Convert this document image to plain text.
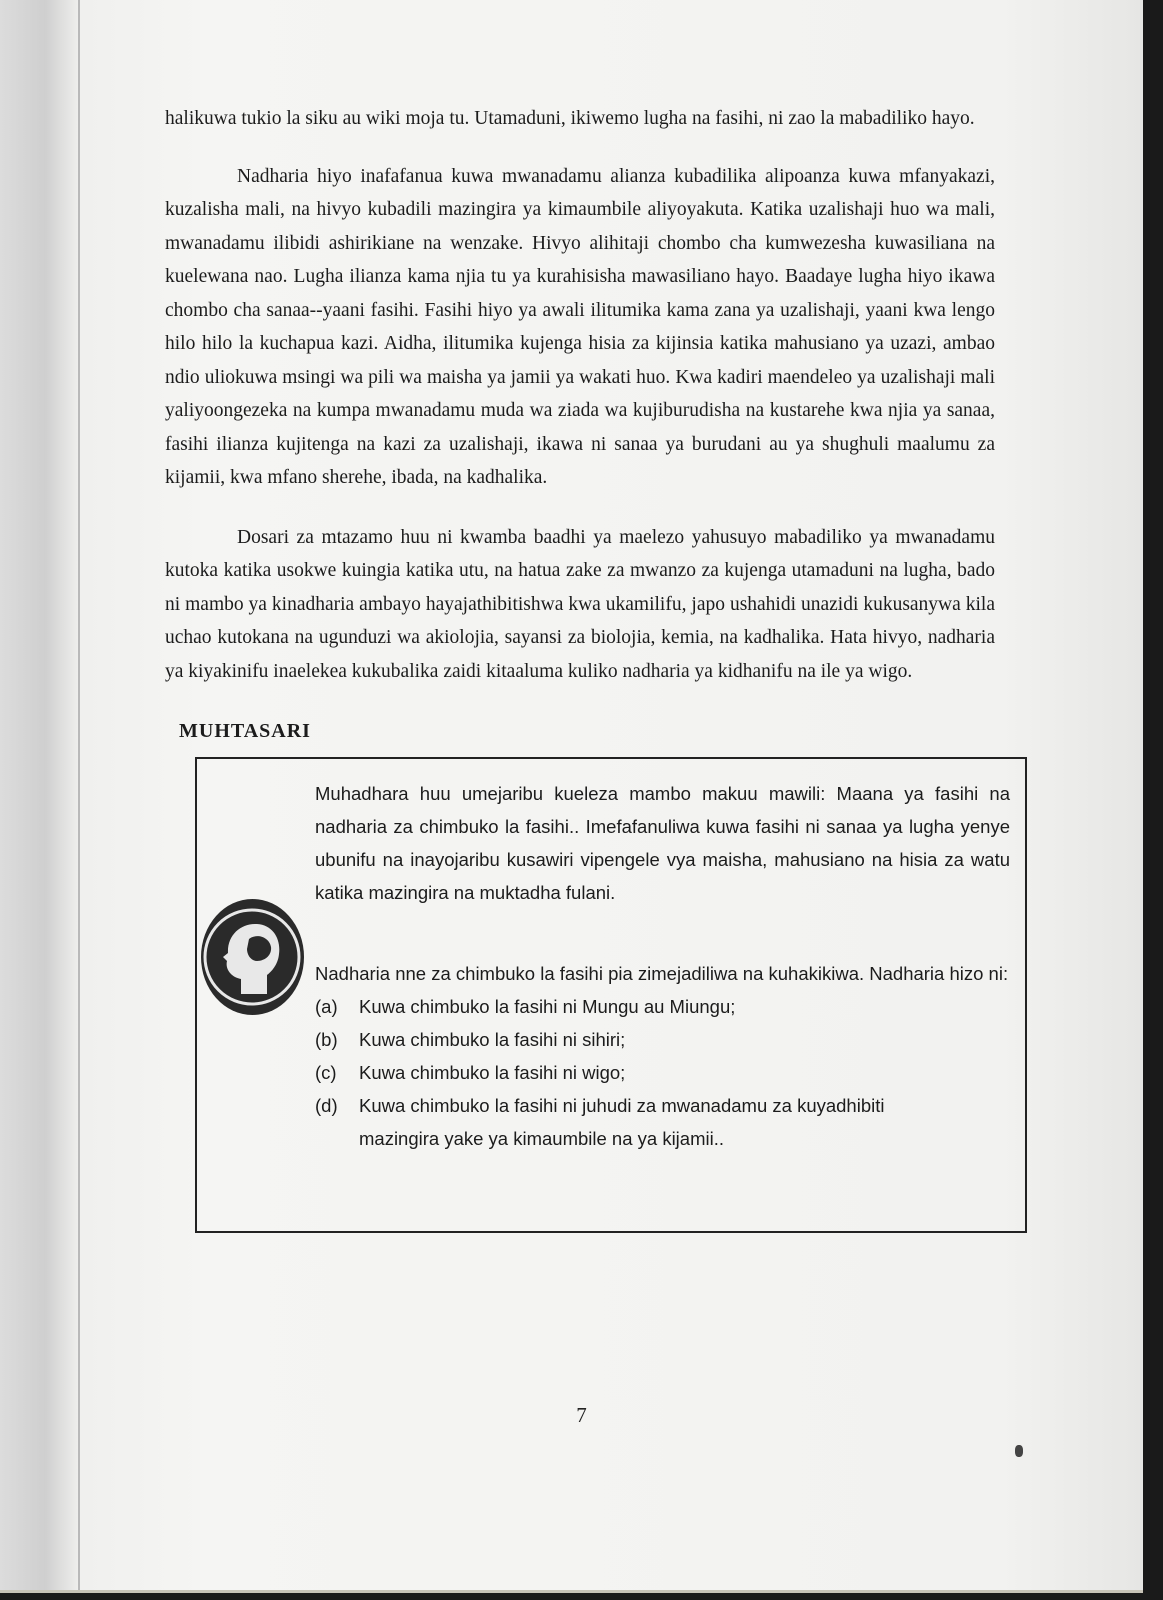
halikuwa tukio la siku au wiki moja tu. Utamaduni, ikiwemo lugha na fasihi, ni zao la mabadiliko hayo.

Nadharia hiyo inafafanua kuwa mwanadamu alianza kubadilika alipoanza kuwa mfanyakazi, kuzalisha mali, na hivyo kubadili mazingira ya kimaumbile aliyoyakuta. Katika uzalishaji huo wa mali, mwanadamu ilibidi ashirikiane na wenzake. Hivyo alihitaji chombo cha kumwezesha kuwasiliana na kuelewana nao. Lugha ilianza kama njia tu ya kurahisisha mawasiliano hayo. Baadaye lugha hiyo ikawa chombo cha sanaa--yaani fasihi. Fasihi hiyo ya awali ilitumika kama zana ya uzalishaji, yaani kwa lengo hilo hilo la kuchapua kazi. Aidha, ilitumika kujenga hisia za kijinsia katika mahusiano ya uzazi, ambao ndio uliokuwa msingi wa pili wa maisha ya jamii ya wakati huo. Kwa kadiri maendeleo ya uzalishaji mali yaliyoongezeka na kumpa mwanadamu muda wa ziada wa kujiburudisha na kustarehe kwa njia ya sanaa, fasihi ilianza kujitenga na kazi za uzalishaji, ikawa ni sanaa ya burudani au ya shughuli maalumu za kijamii, kwa mfano sherehe, ibada, na kadhalika.

Dosari za mtazamo huu ni kwamba baadhi ya maelezo yahusuyo mabadiliko ya mwanadamu kutoka katika usokwe kuingia katika utu, na hatua zake za mwanzo za kujenga utamaduni na lugha, bado ni mambo ya kinadharia ambayo hayajathibitishwa kwa ukamilifu, japo ushahidi unazidi kukusanywa kila uchao kutokana na ugunduzi wa akiolojia, sayansi za biolojia, kemia, na kadhalika. Hata hivyo, nadharia ya kiyakinifu inaelekea kukubalika zaidi kitaaluma kuliko nadharia ya kidhanifu na ile ya wigo.

MUHTASARI

Muhadhara huu umejaribu kueleza mambo makuu mawili: Maana ya fasihi na nadharia za chimbuko la fasihi.. Imefafanuliwa kuwa fasihi ni sanaa ya lugha yenye ubunifu na inayojaribu kusawiri vipengele vya maisha, mahusiano na hisia za watu katika mazingira na muktadha fulani.

Nadharia nne za chimbuko la fasihi pia zimejadiliwa na kuhakikiwa. Nadharia hizo ni:

(a)	Kuwa chimbuko la fasihi ni Mungu au Miungu;
(b)	Kuwa chimbuko la fasihi ni sihiri;
(c)	Kuwa chimbuko la fasihi ni wigo;
(d)	Kuwa chimbuko la fasihi ni juhudi za mwanadamu za kuyadhibiti
mazingira yake ya kimaumbile na ya kijamii..
7
